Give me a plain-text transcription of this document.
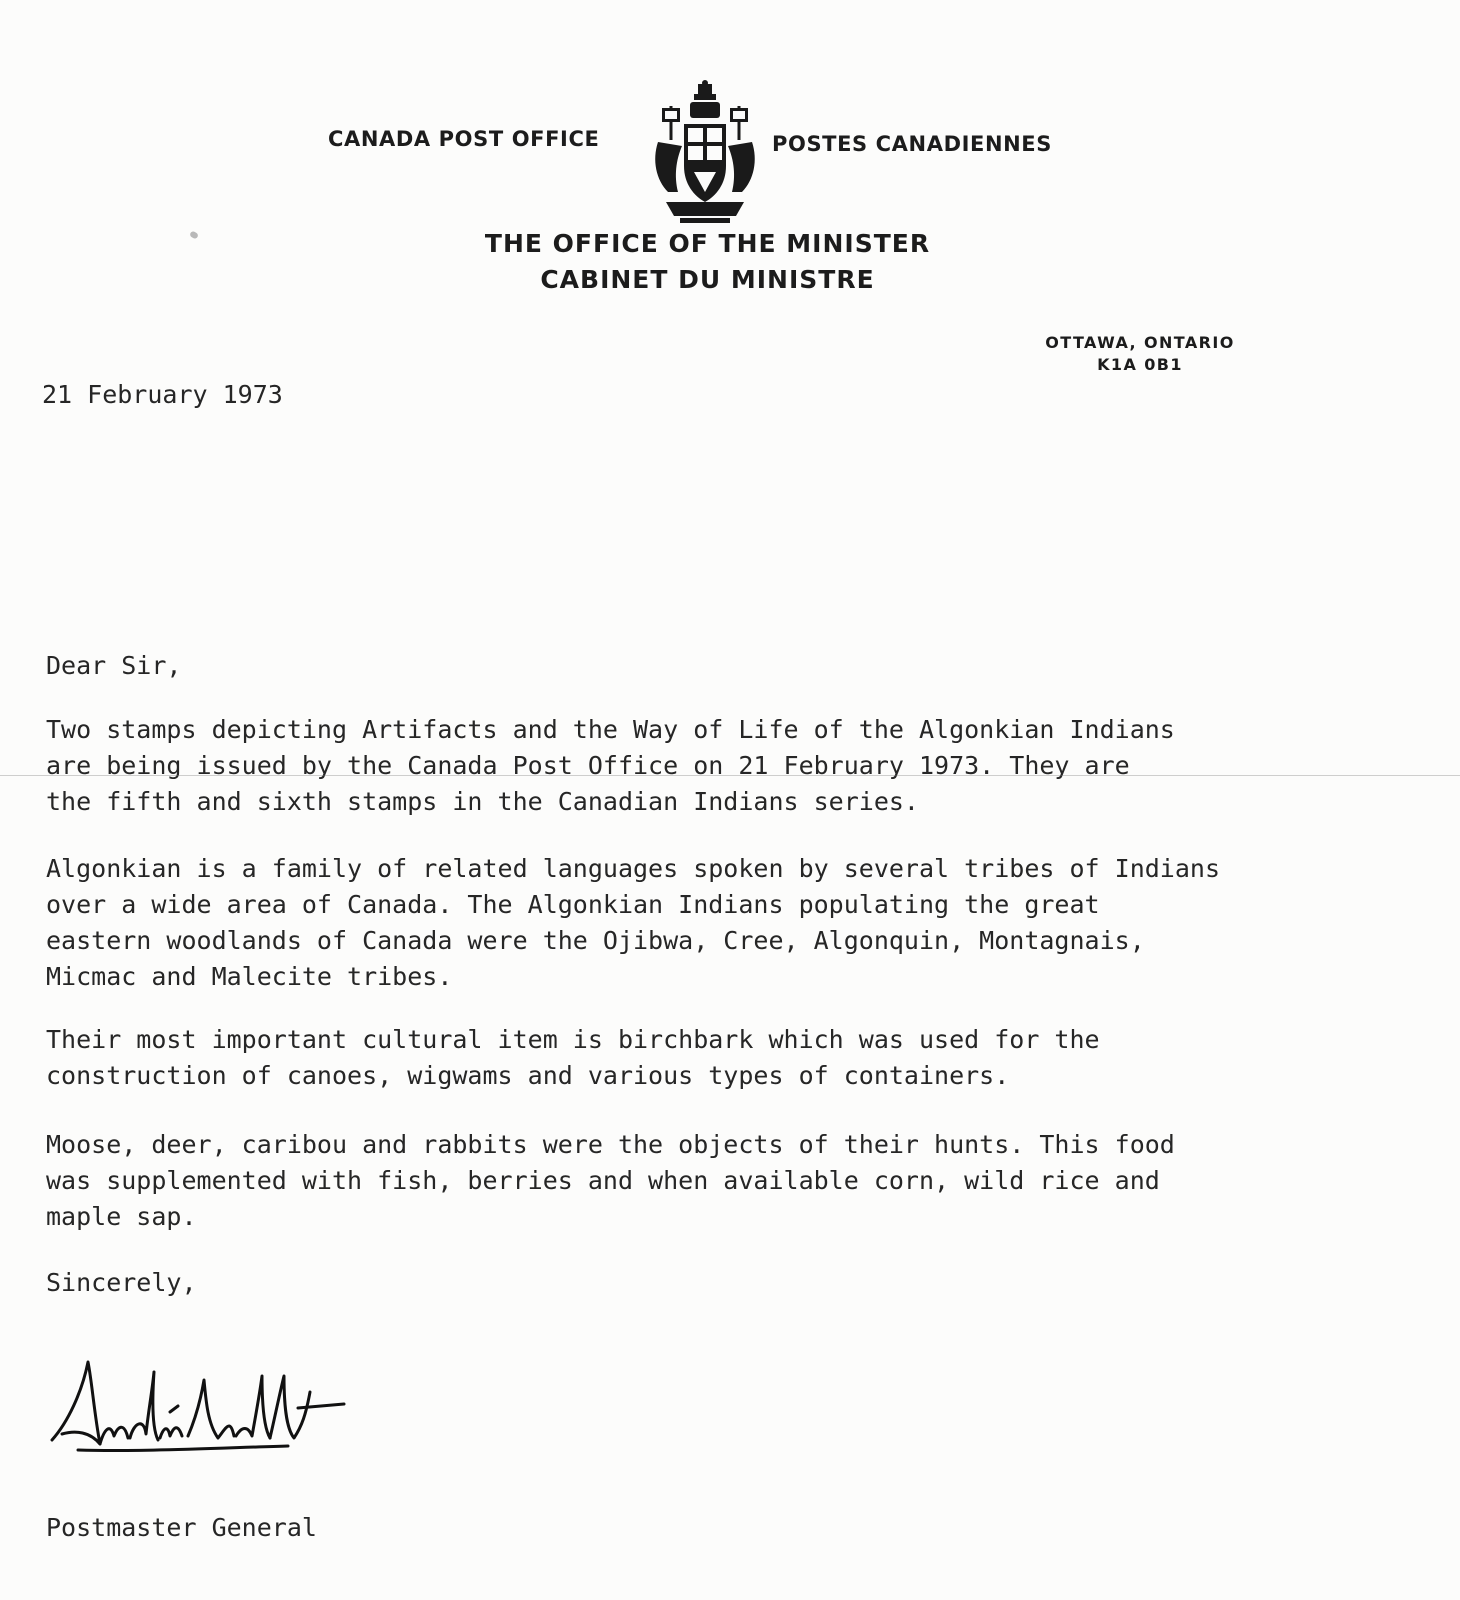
CANADA POST OFFICE	POSTES CANADIENNES
THE OFFICE OF THE MINISTER
CABINET DU MINISTRE
OTTAWA, ONTARIO
K1A 0B1
21 February 1973
Dear Sir,
Two stamps depicting Artifacts and the Way of Life of the Algonkian Indians
are being issued by the Canada Post Office on 21 February 1973. They are
the fifth and sixth stamps in the Canadian Indians series.
Algonkian is a family of related languages spoken by several tribes of Indians
over a wide area of Canada. The Algonkian Indians populating the great
eastern woodlands of Canada were the Ojibwa, Cree, Algonquin, Montagnais,
Micmac and Malecite tribes.
Their most important cultural item is birchbark which was used for the
construction of canoes, wigwams and various types of containers.
Moose, deer, caribou and rabbits were the objects of their hunts. This food
was supplemented with fish, berries and when available corn, wild rice and
maple sap.
Sincerely,
Postmaster General
